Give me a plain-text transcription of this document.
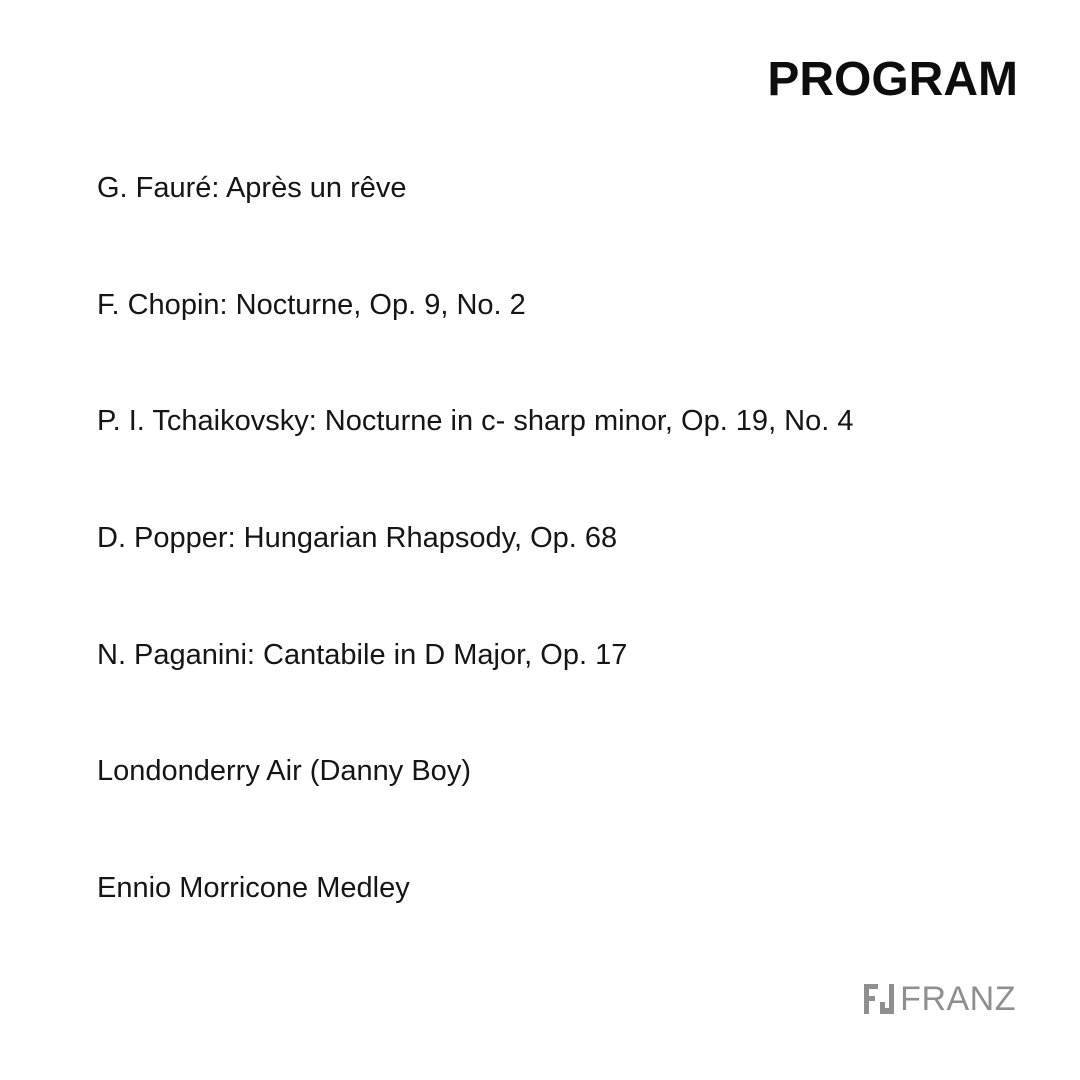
PROGRAM
G. Fauré: Après un rêve
F. Chopin: Nocturne, Op. 9, No. 2
P. I. Tchaikovsky: Nocturne in c- sharp minor, Op. 19, No. 4
D. Popper: Hungarian Rhapsody, Op. 68
N. Paganini: Cantabile in D Major, Op. 17
Londonderry Air (Danny Boy)
Ennio Morricone Medley
FRANZ
